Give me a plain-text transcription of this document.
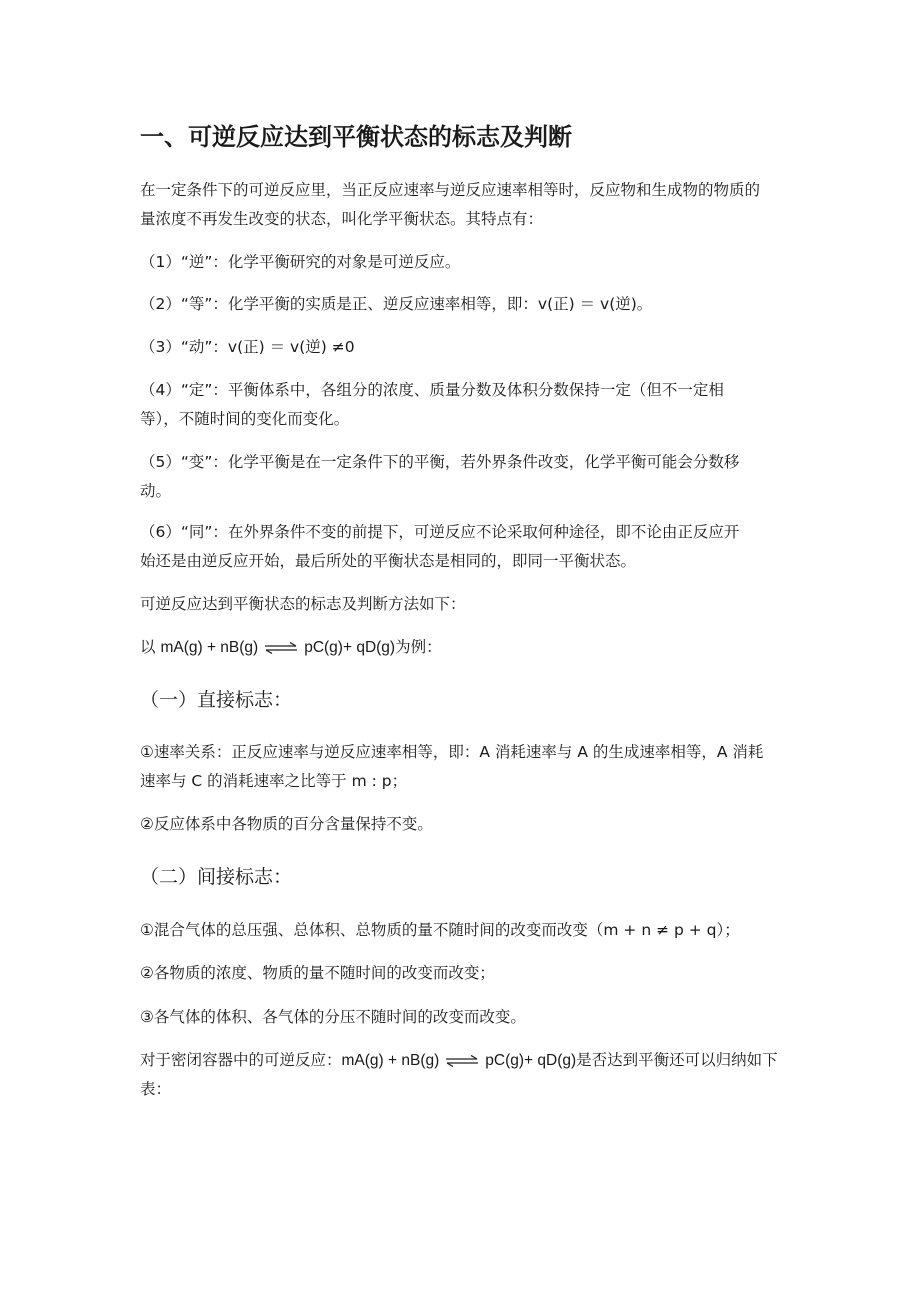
一、可逆反应达到平衡状态的标志及判断

在一定条件下的可逆反应里，当正反应速率与逆反应速率相等时，反应物和生成物的物质的
量浓度不再发生改变的状态，叫化学平衡状态。其特点有：

（1）“逆”：化学平衡研究的对象是可逆反应。

（2）“等”：化学平衡的实质是正、逆反应速率相等，即：v(正) ＝ v(逆)。

（3）“动”：v(正) ＝ v(逆) ≠0

（4）“定”：平衡体系中，各组分的浓度、质量分数及体积分数保持一定（但不一定相
等），不随时间的变化而变化。

（5）“变”：化学平衡是在一定条件下的平衡，若外界条件改变，化学平衡可能会分数移
动。

（6）“同”：在外界条件不变的前提下，可逆反应不论采取何种途径，即不论由正反应开
始还是由逆反应开始，最后所处的平衡状态是相同的，即同一平衡状态。

可逆反应达到平衡状态的标志及判断方法如下：

以 mA(g) + nB(g) ⇌ pC(g)+ qD(g)为例：

（一）直接标志：

①速率关系：正反应速率与逆反应速率相等，即：A 消耗速率与 A 的生成速率相等，A 消耗
速率与 C 的消耗速率之比等于 m : p；

②反应体系中各物质的百分含量保持不变。

（二）间接标志：

①混合气体的总压强、总体积、总物质的量不随时间的改变而改变（m + n ≠ p + q）；

②各物质的浓度、物质的量不随时间的改变而改变；

③各气体的体积、各气体的分压不随时间的改变而改变。

对于密闭容器中的可逆反应：mA(g) + nB(g) ⇌ pC(g)+ qD(g)是否达到平衡还可以归纳如下
表：
